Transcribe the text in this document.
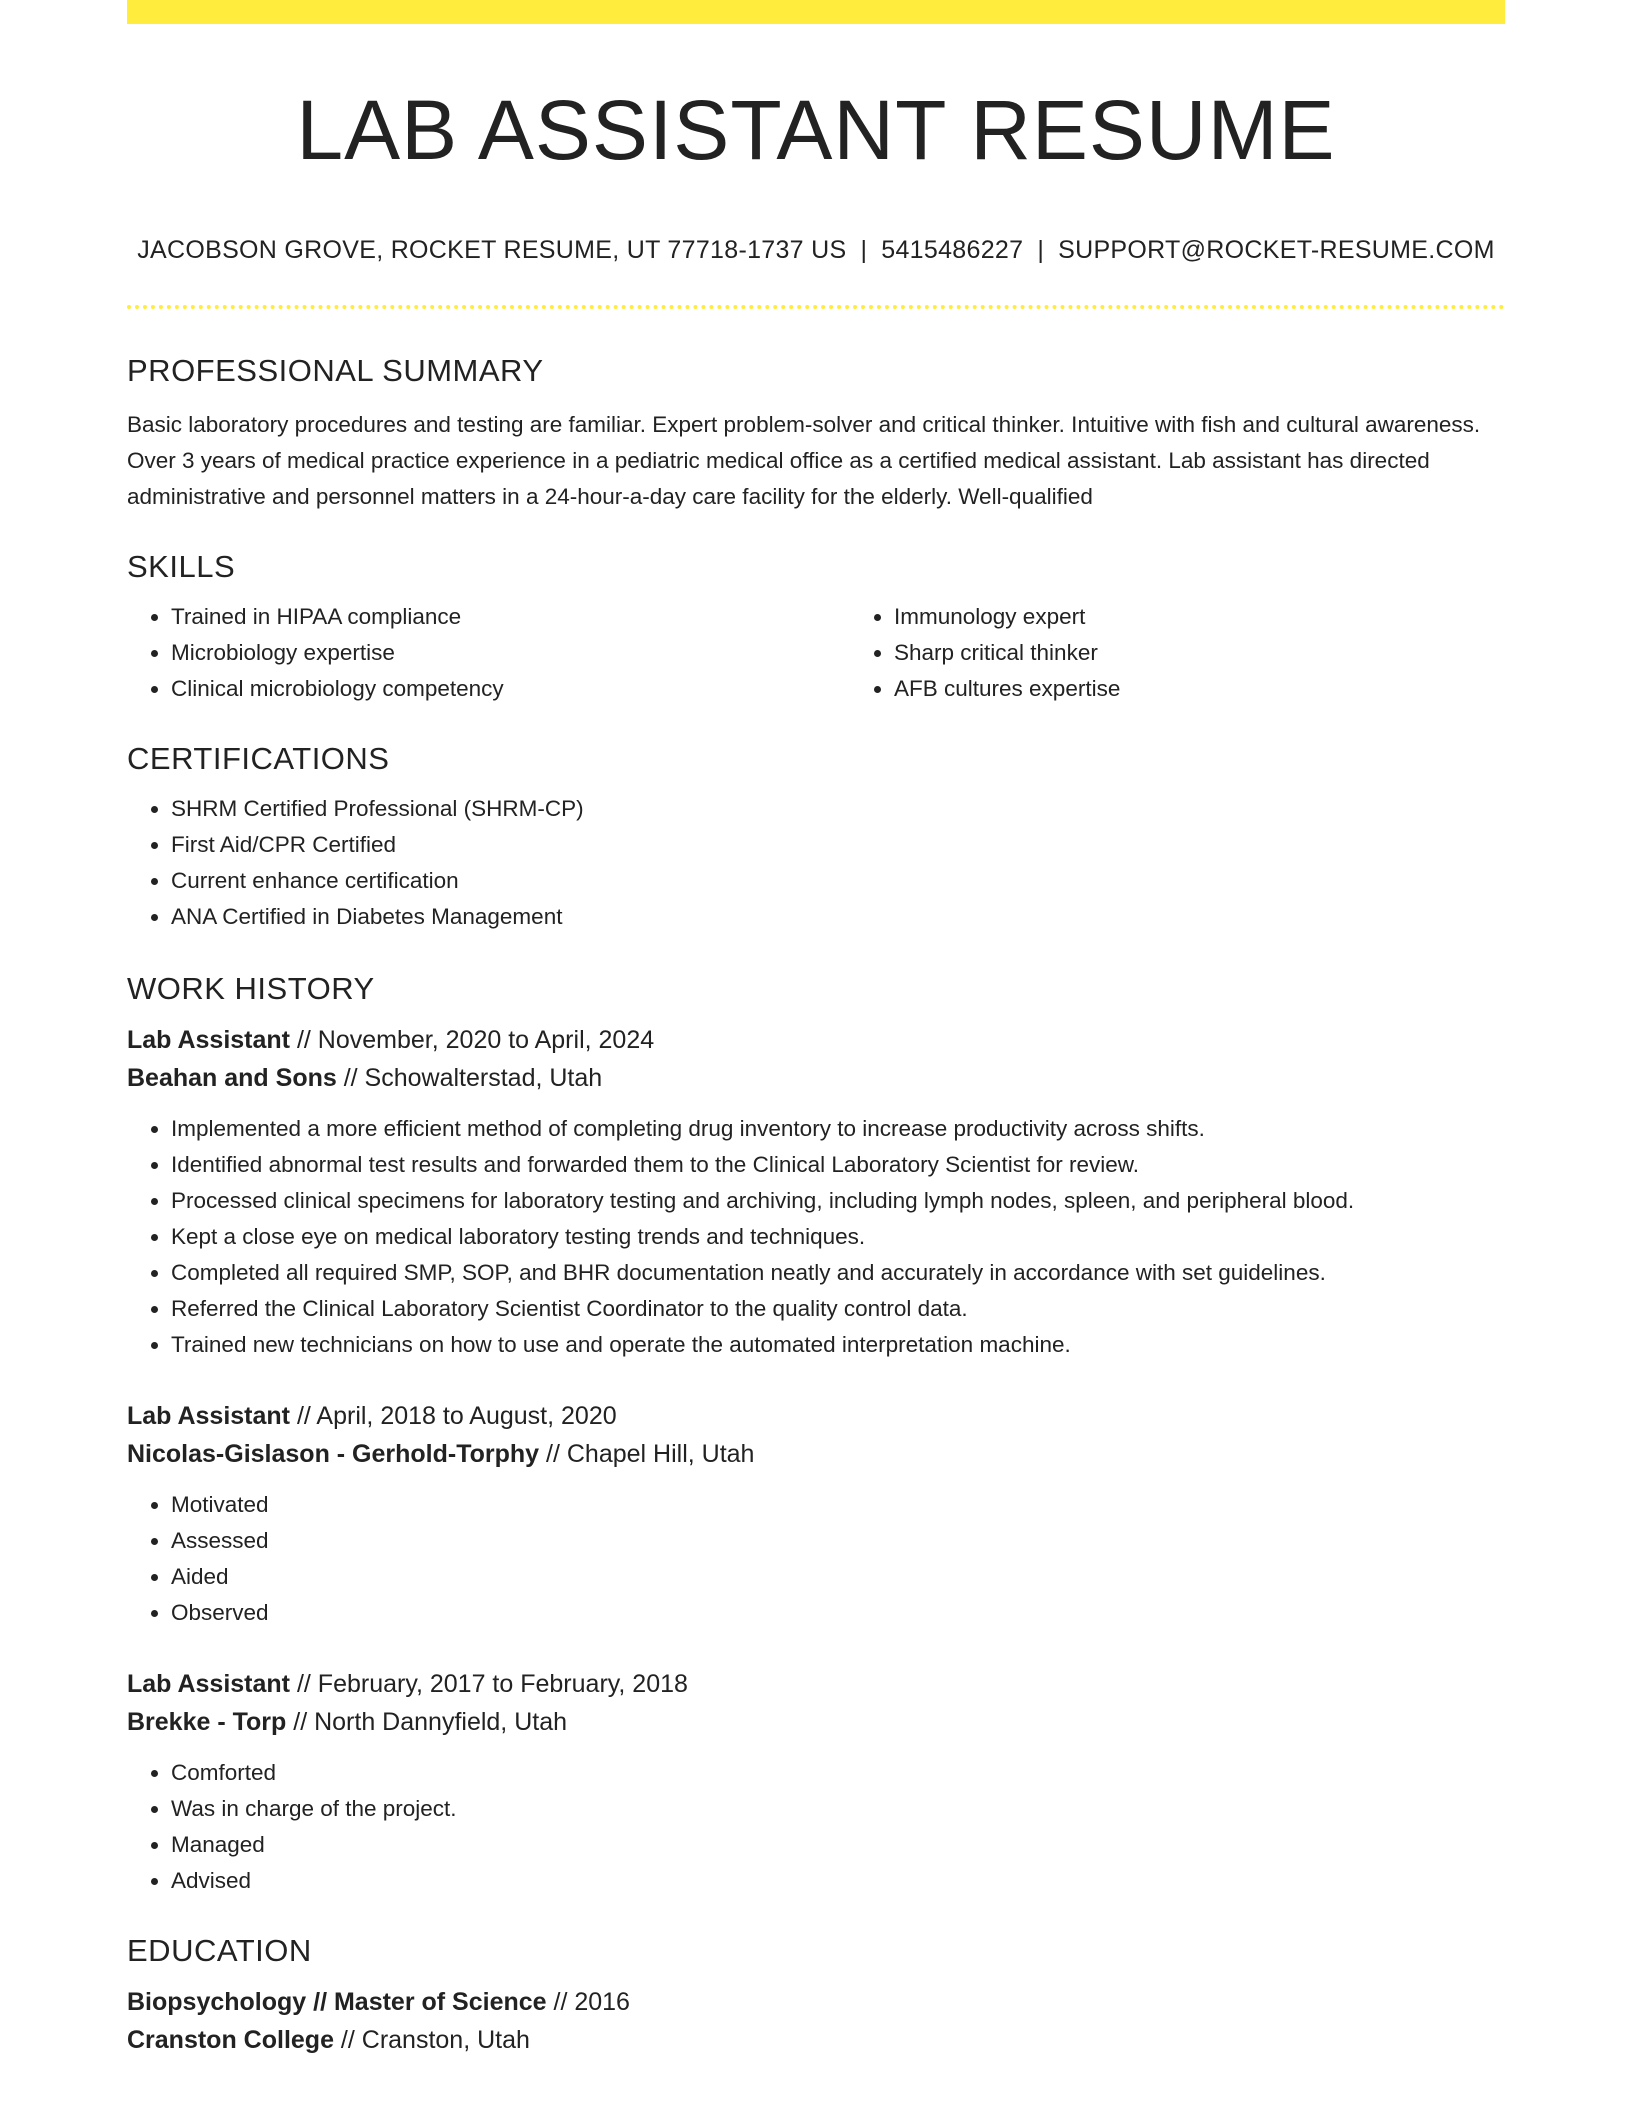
LAB ASSISTANT RESUME
JACOBSON GROVE, ROCKET RESUME, UT 77718-1737 US | 5415486227 | SUPPORT@ROCKET-RESUME.COM
PROFESSIONAL SUMMARY

Basic laboratory procedures and testing are familiar. Expert problem-solver and critical thinker. Intuitive with fish and cultural awareness. Over 3 years of medical practice experience in a pediatric medical office as a certified medical assistant. Lab assistant has directed administrative and personnel matters in a 24-hour-a-day care facility for the elderly. Well-qualified

SKILLS
• Trained in HIPAA compliance
• Microbiology expertise
• Clinical microbiology competency
• Immunology expert
• Sharp critical thinker
• AFB cultures expertise
CERTIFICATIONS
• SHRM Certified Professional (SHRM-CP)
• First Aid/CPR Certified
• Current enhance certification
• ANA Certified in Diabetes Management
WORK HISTORY
Lab Assistant // November, 2020 to April, 2024
Beahan and Sons // Schowalterstad, Utah
• Implemented a more efficient method of completing drug inventory to increase productivity across shifts.
• Identified abnormal test results and forwarded them to the Clinical Laboratory Scientist for review.
• Processed clinical specimens for laboratory testing and archiving, including lymph nodes, spleen, and peripheral blood.
• Kept a close eye on medical laboratory testing trends and techniques.
• Completed all required SMP, SOP, and BHR documentation neatly and accurately in accordance with set guidelines.
• Referred the Clinical Laboratory Scientist Coordinator to the quality control data.
• Trained new technicians on how to use and operate the automated interpretation machine.
Lab Assistant // April, 2018 to August, 2020
Nicolas-Gislason - Gerhold-Torphy // Chapel Hill, Utah
• Motivated
• Assessed
• Aided
• Observed
Lab Assistant // February, 2017 to February, 2018
Brekke - Torp // North Dannyfield, Utah
• Comforted
• Was in charge of the project.
• Managed
• Advised
EDUCATION
Biopsychology // Master of Science // 2016
Cranston College // Cranston, Utah
